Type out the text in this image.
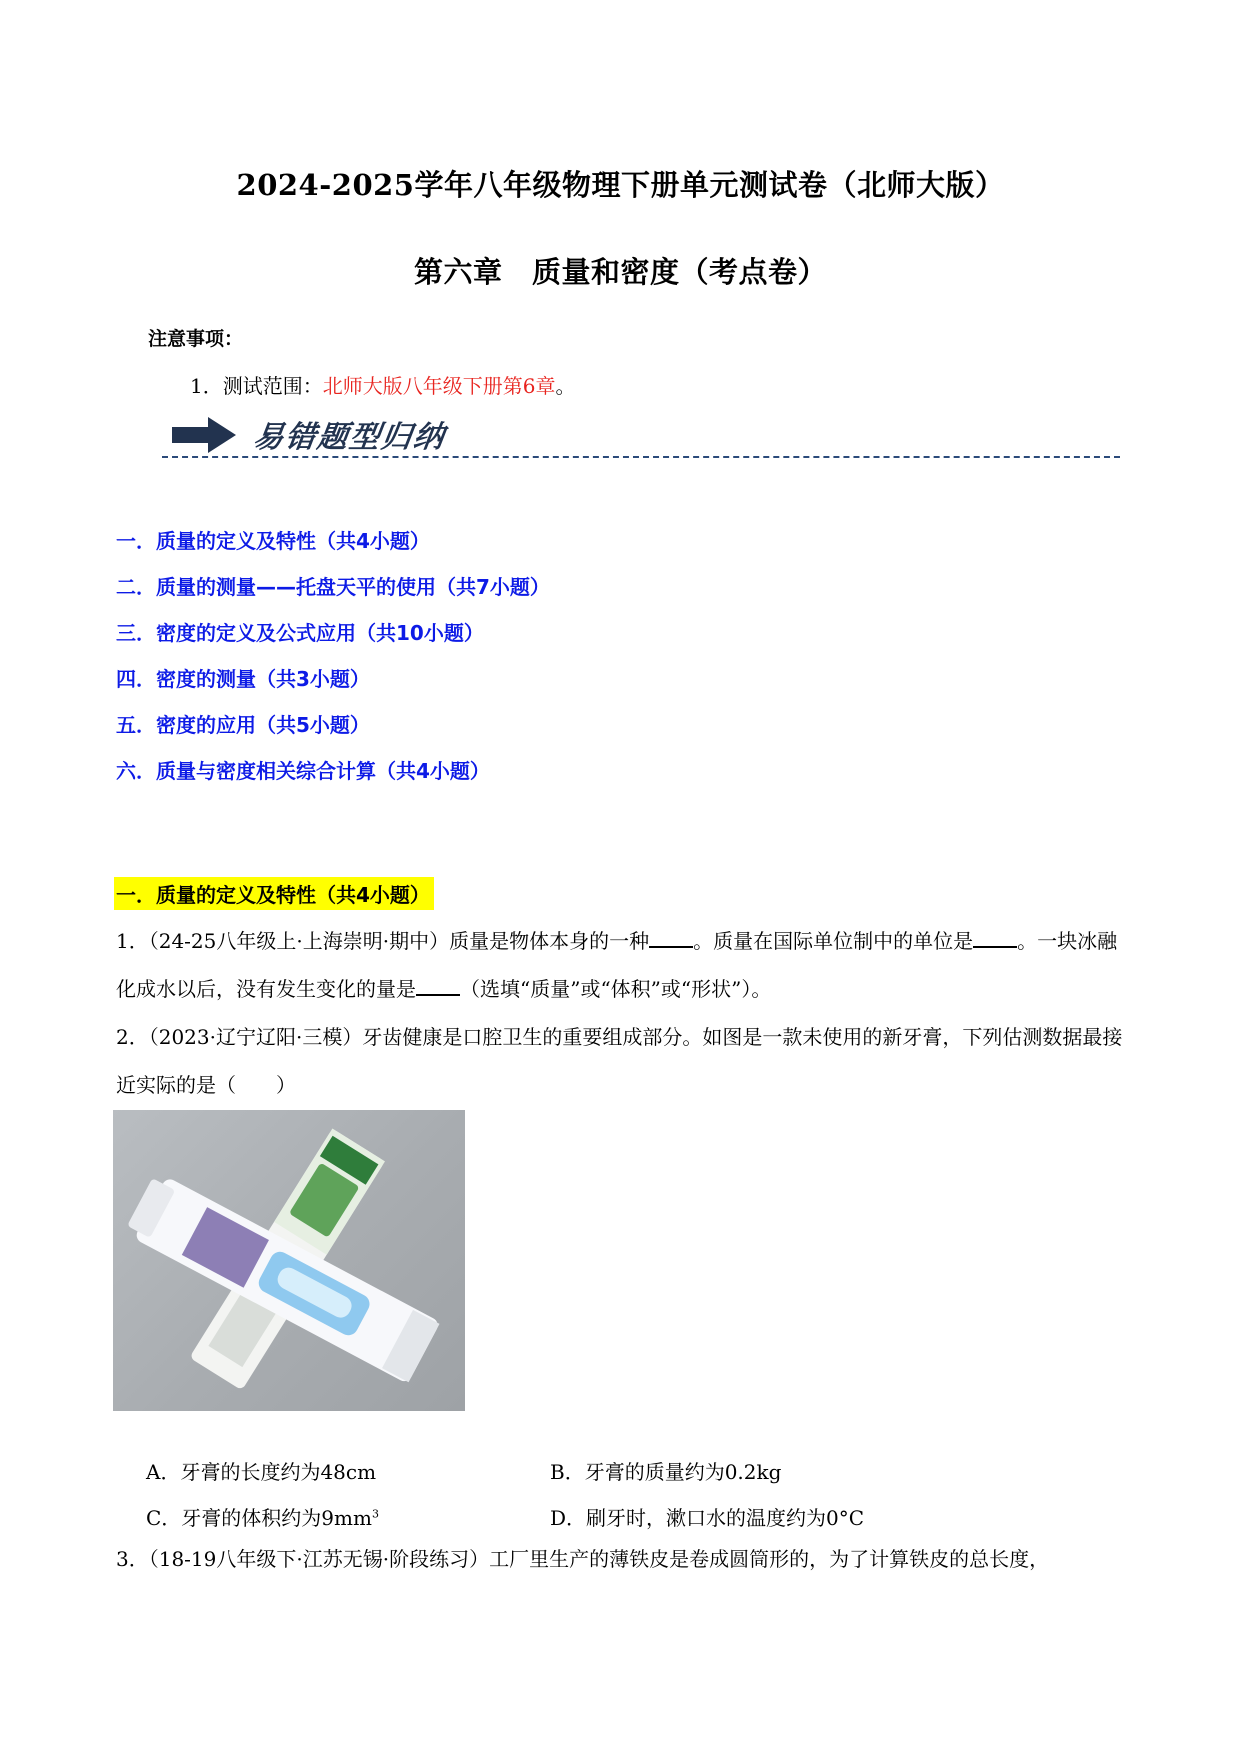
2024-2025学年八年级物理下册单元测试卷（北师大版）
第六章　质量和密度（考点卷）
注意事项：
1．测试范围：北师大版八年级下册第6章。
易错题型归纳
一．质量的定义及特性（共4小题）
二．质量的测量——托盘天平的使用（共7小题）
三．密度的定义及公式应用（共10小题）
四．密度的测量（共3小题）
五．密度的应用（共5小题）
六．质量与密度相关综合计算（共4小题）
一．质量的定义及特性（共4小题）
1．（24-25八年级上·上海崇明·期中）质量是物体本身的一种 。质量在国际单位制中的单位是 。一块冰融化成水以后，没有发生变化的量是 （选填“质量”或“体积”或“形状”）。
2．（2023·辽宁辽阳·三模）牙齿健康是口腔卫生的重要组成部分。如图是一款未使用的新牙膏，下列估测数据最接近实际的是（　　）
A．牙膏的长度约为48cm	B．牙膏的质量约为0.2kg
C．牙膏的体积约为$9mm^3$	D．刷牙时，漱口水的温度约为0°C
3．（18-19八年级下·江苏无锡·阶段练习）工厂里生产的薄铁皮是卷成圆筒形的，为了计算铁皮的总长度，
